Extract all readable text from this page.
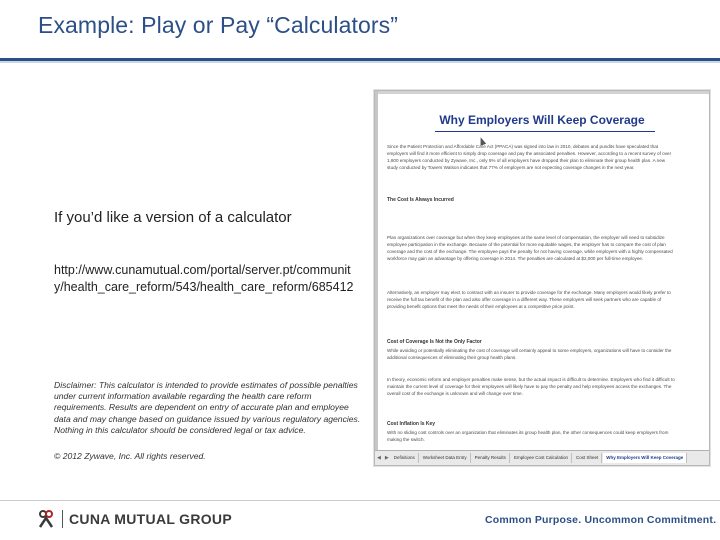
Example: Play or Pay “Calculators”
If you’d like a version of a calculator
http://www.cunamutual.com/portal/server.pt/community/health_care_reform/543/health_care_reform/685412
Disclaimer: This calculator is intended to provide estimates of possible penalties under current information available regarding the health care reform requirements. Results are dependent on entry of accurate plan and employee data and may change based on guidance issued by various regulatory agencies. Nothing in this calculator should be considered legal or tax advice.
© 2012 Zywave, Inc. All rights reserved.
Why Employers Will Keep Coverage
Since the Patient Protection and Affordable Care Act (PPACA) was signed into law in 2010, debates and pundits have speculated that employers will find it more efficient to simply drop coverage and pay the associated penalties. However, according to a recent survey of over 1,800 employers conducted by Zywave, Inc., only 5% of all employers have dropped their plan to eliminate their group health plan. A new study conducted by Towers Watson indicates that 77% of employers are not expecting coverage changes in the next year.
The Cost Is Always Incurred
Plan organizations over coverage but when they keep employees at the same level of compensation, the employer will need to subsidize employee participation in the exchange. Because of the potential for more equitable wages, the employer has to compare the cost of plan coverage and the cost of the exchange. The employee pays the penalty for not having coverage, while employers with a highly compensated workforce may gain an advantage by offering coverage in 2014. The penalties are calculated at $2,000 per full-time employee.
Alternatively, an employer may elect to contract with an insurer to provide coverage for the exchange. Many employers would likely prefer to receive the full tax benefit of the plan and also offer coverage in a different way. These employers will seek partners who are capable of providing benefit options that meet the needs of their employees at a competitive price point.
Cost of Coverage Is Not the Only Factor
While avoiding or potentially eliminating the cost of coverage will certainly appeal to some employers, organizations will have to consider the additional consequences of eliminating their group health plans.
In theory, economic reform and employer penalties make sense, but the actual impact is difficult to determine. Employers who find it difficult to maintain the current level of coverage for their employees will likely have to pay the penalty and help employees access the exchanges. The overall cost of the exchange is unknown and will change over time.
Cost Inflation Is Key
With no sliding cost controls over an organization that eliminates its group health plan, the other consequences could keep employers from making the switch.
◀ ▶	Definitions	Worksheet Data Entry	Penalty Results	Employee Cost Calculation	Cost Sheet	Why Employers Will Keep Coverage
CUNA MUTUAL GROUP	Common Purpose. Uncommon Commitment.
